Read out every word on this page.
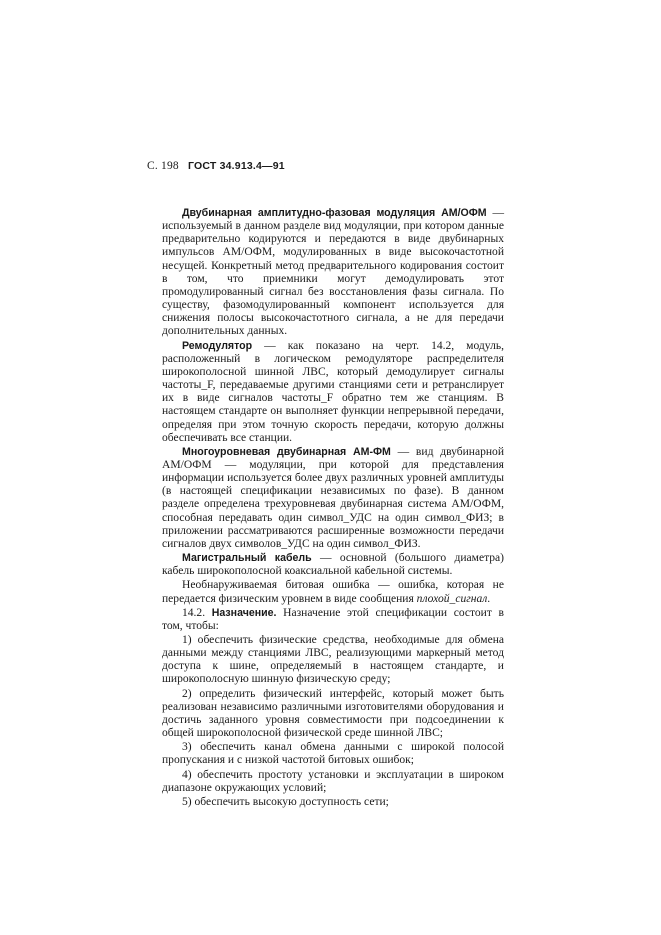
С. 198 ГОСТ 34.913.4—91

Двубинарная амплитудно-фазовая модуляция АМ/ОФМ — используемый в данном разделе вид модуляции, при котором данные предварительно кодируются и передаются в виде двубинарных импульсов АМ/ОФМ, модулированных в виде высокочастотной несущей. Конкретный метод предварительного кодирования состоит в том, что приемники могут демодулировать этот промодулированный сигнал без восстановления фазы сигнала. По существу, фазомодулированный компонент используется для снижения полосы высокочастотного сигнала, а не для передачи дополнительных данных.

Ремодулятор — как показано на черт. 14.2, модуль, расположенный в логическом ремодуляторе распределителя широкополосной шинной ЛВС, который демодулирует сигналы частоты_F, передаваемые другими станциями сети и ретранслирует их в виде сигналов частоты_F обратно тем же станциям. В настоящем стандарте он выполняет функции непрерывной передачи, определяя при этом точную скорость передачи, которую должны обеспечивать все станции.

Многоуровневая двубинарная АМ-ФМ — вид двубинарной АМ/ОФМ — модуляции, при которой для представления информации используется более двух различных уровней амплитуды (в настоящей спецификации независимых по фазе). В данном разделе определена трехуровневая двубинарная система АМ/ОФМ, способная передавать один символ_УДС на один символ_ФИЗ; в приложении рассматриваются расширенные возможности передачи сигналов двух символов_УДС на один символ_ФИЗ.

Магистральный кабель — основной (большого диаметра) кабель широкополосной коаксиальной кабельной системы.

Необнаруживаемая битовая ошибка — ошибка, которая не передается физическим уровнем в виде сообщения плохой_сигнал.

14.2. Назначение. Назначение этой спецификации состоит в том, чтобы:

1) обеспечить физические средства, необходимые для обмена данными между станциями ЛВС, реализующими маркерный метод доступа к шине, определяемый в настоящем стандарте, и широкополосную шинную физическую среду;

2) определить физический интерфейс, который может быть реализован независимо различными изготовителями оборудования и достичь заданного уровня совместимости при подсоединении к общей широкополосной физической среде шинной ЛВС;

3) обеспечить канал обмена данными с широкой полосой пропускания и с низкой частотой битовых ошибок;

4) обеспечить простоту установки и эксплуатации в широком диапазоне окружающих условий;

5) обеспечить высокую доступность сети;
